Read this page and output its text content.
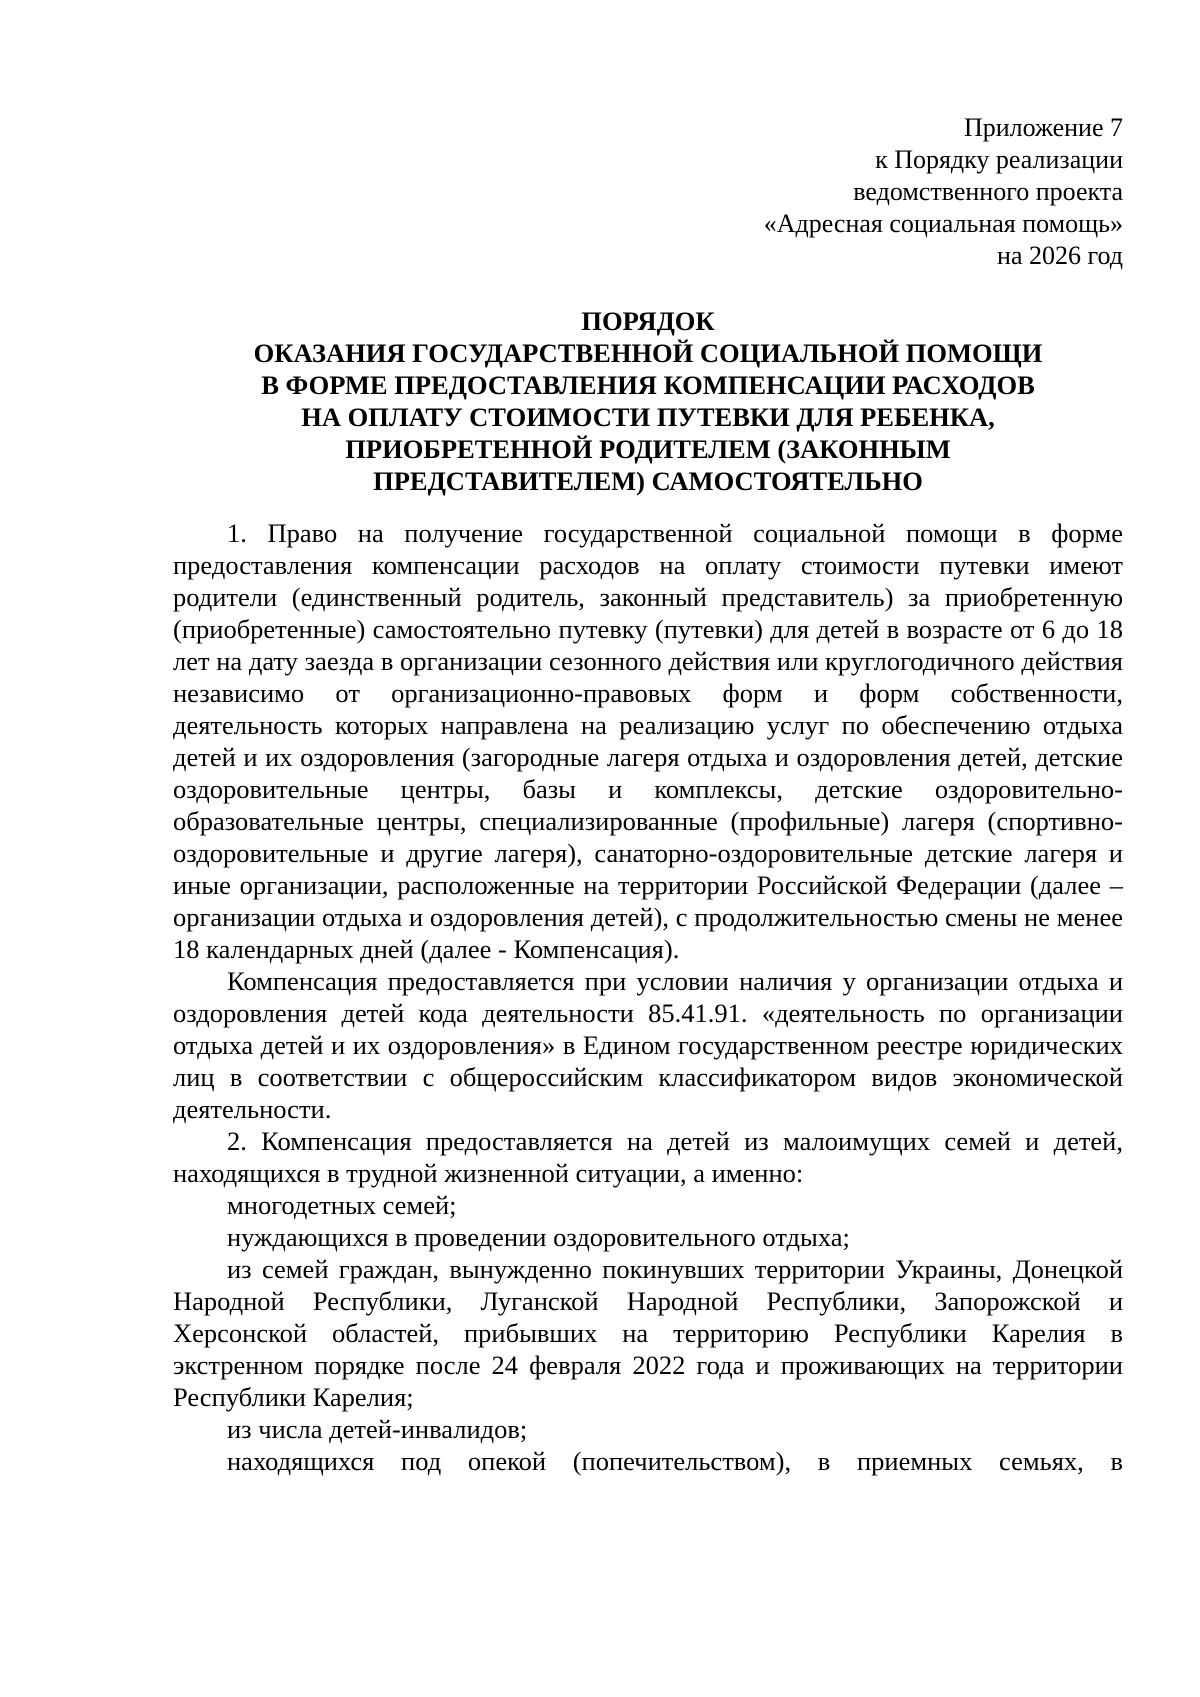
Приложение 7
к Порядку реализации
ведомственного проекта
«Адресная социальная помощь»
на 2026 год
ПОРЯДОК
ОКАЗАНИЯ ГОСУДАРСТВЕННОЙ СОЦИАЛЬНОЙ ПОМОЩИ
В ФОРМЕ ПРЕДОСТАВЛЕНИЯ КОМПЕНСАЦИИ РАСХОДОВ
НА ОПЛАТУ СТОИМОСТИ ПУТЕВКИ ДЛЯ РЕБЕНКА,
ПРИОБРЕТЕННОЙ РОДИТЕЛЕМ (ЗАКОННЫМ
ПРЕДСТАВИТЕЛЕМ) САМОСТОЯТЕЛЬНО

1. Право на получение государственной социальной помощи в форме предоставления компенсации расходов на оплату стоимости путевки имеют родители (единственный родитель, законный представитель) за приобретенную (приобретенные) самостоятельно путевку (путевки) для детей в возрасте от 6 до 18 лет на дату заезда в организации сезонного действия или круглогодичного действия независимо от организационно-правовых форм и форм собственности, деятельность которых направлена на реализацию услуг по обеспечению отдыха детей и их оздоровления (загородные лагеря отдыха и оздоровления детей, детские оздоровительные центры, базы и комплексы, детские оздоровительно-образовательные центры, специализированные (профильные) лагеря (спортивно-оздоровительные и другие лагеря), санаторно-оздоровительные детские лагеря и иные организации, расположенные на территории Российской Федерации (далее – организации отдыха и оздоровления детей), с продолжительностью смены не менее 18 календарных дней (далее - Компенсация).

Компенсация предоставляется при условии наличия у организации отдыха и оздоровления детей кода деятельности 85.41.91. «деятельность по организации отдыха детей и их оздоровления» в Едином государственном реестре юридических лиц в соответствии с общероссийским классификатором видов экономической деятельности.

2. Компенсация предоставляется на детей из малоимущих семей и детей, находящихся в трудной жизненной ситуации, а именно:

многодетных семей;

нуждающихся в проведении оздоровительного отдыха;

из семей граждан, вынужденно покинувших территории Украины, Донецкой Народной Республики, Луганской Народной Республики, Запорожской и Херсонской областей, прибывших на территорию Республики Карелия в экстренном порядке после 24 февраля 2022 года и проживающих на территории Республики Карелия;

из числа детей-инвалидов;

находящихся под опекой (попечительством), в приемных семьях, в
